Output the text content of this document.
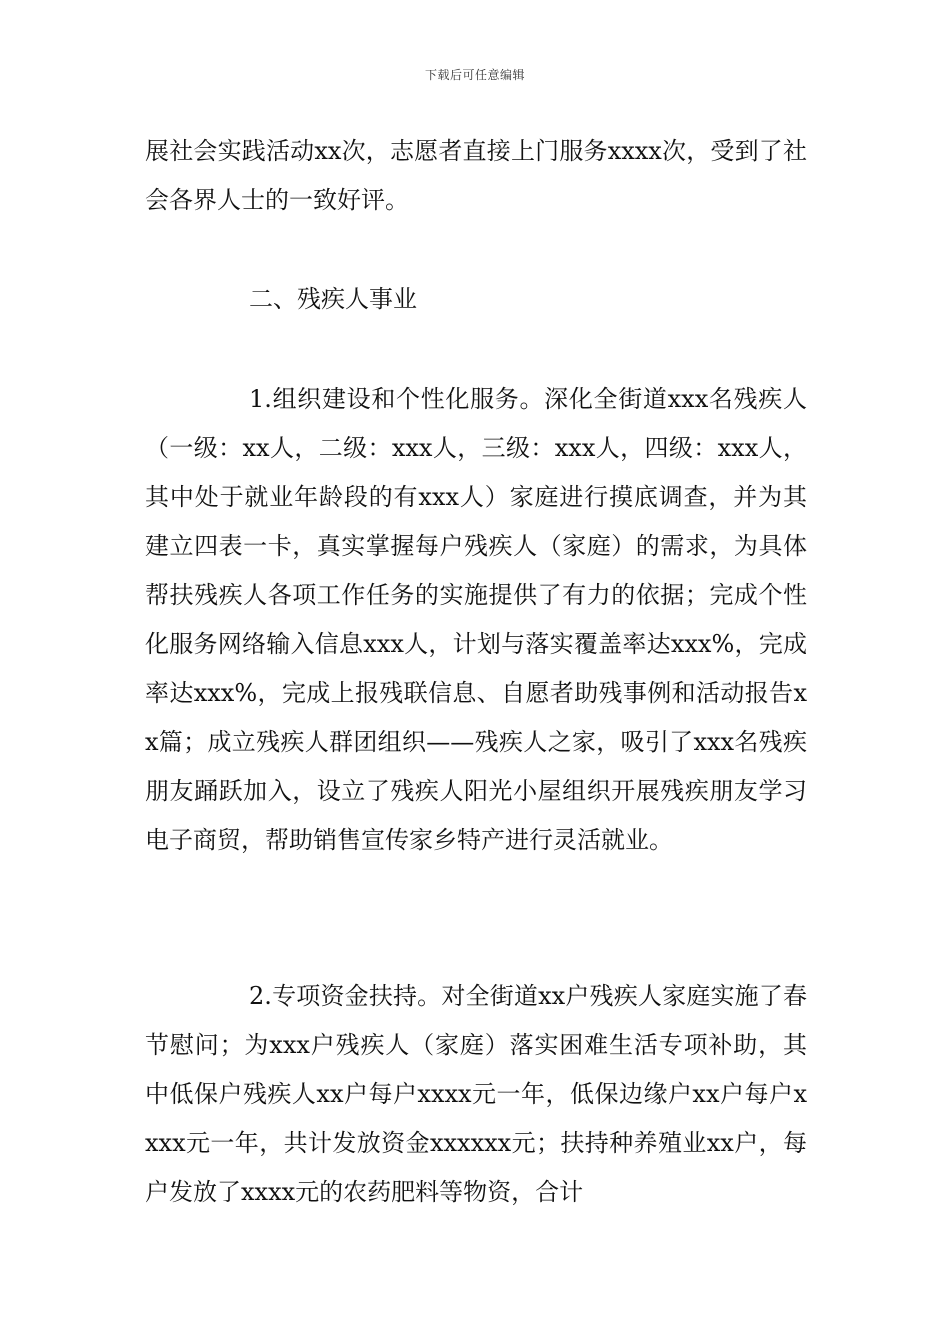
下载后可任意编辑
展社会实践活动xx次，志愿者直接上门服务xxxx次，受到了社会各界人士的一致好评。
二、残疾人事业
1.组织建设和个性化服务。深化全街道xxx名残疾人（一级：xx人，二级：xxx人，三级：xxx人，四级：xxx人，其中处于就业年龄段的有xxx人）家庭进行摸底调查，并为其建立四表一卡，真实掌握每户残疾人（家庭）的需求，为具体帮扶残疾人各项工作任务的实施提供了有力的依据；完成个性化服务网络输入信息xxx人，计划与落实覆盖率达xxx%，完成率达xxx%，完成上报残联信息、自愿者助残事例和活动报告xx篇；成立残疾人群团组织——残疾人之家，吸引了xxx名残疾朋友踊跃加入，设立了残疾人阳光小屋组织开展残疾朋友学习电子商贸，帮助销售宣传家乡特产进行灵活就业。
2.专项资金扶持。对全街道xx户残疾人家庭实施了春节慰问；为xxx户残疾人（家庭）落实困难生活专项补助，其中低保户残疾人xx户每户xxxx元一年，低保边缘户xx户每户xxxx元一年，共计发放资金xxxxxx元；扶持种养殖业xx户，每户发放了xxxx元的农药肥料等物资，合计
